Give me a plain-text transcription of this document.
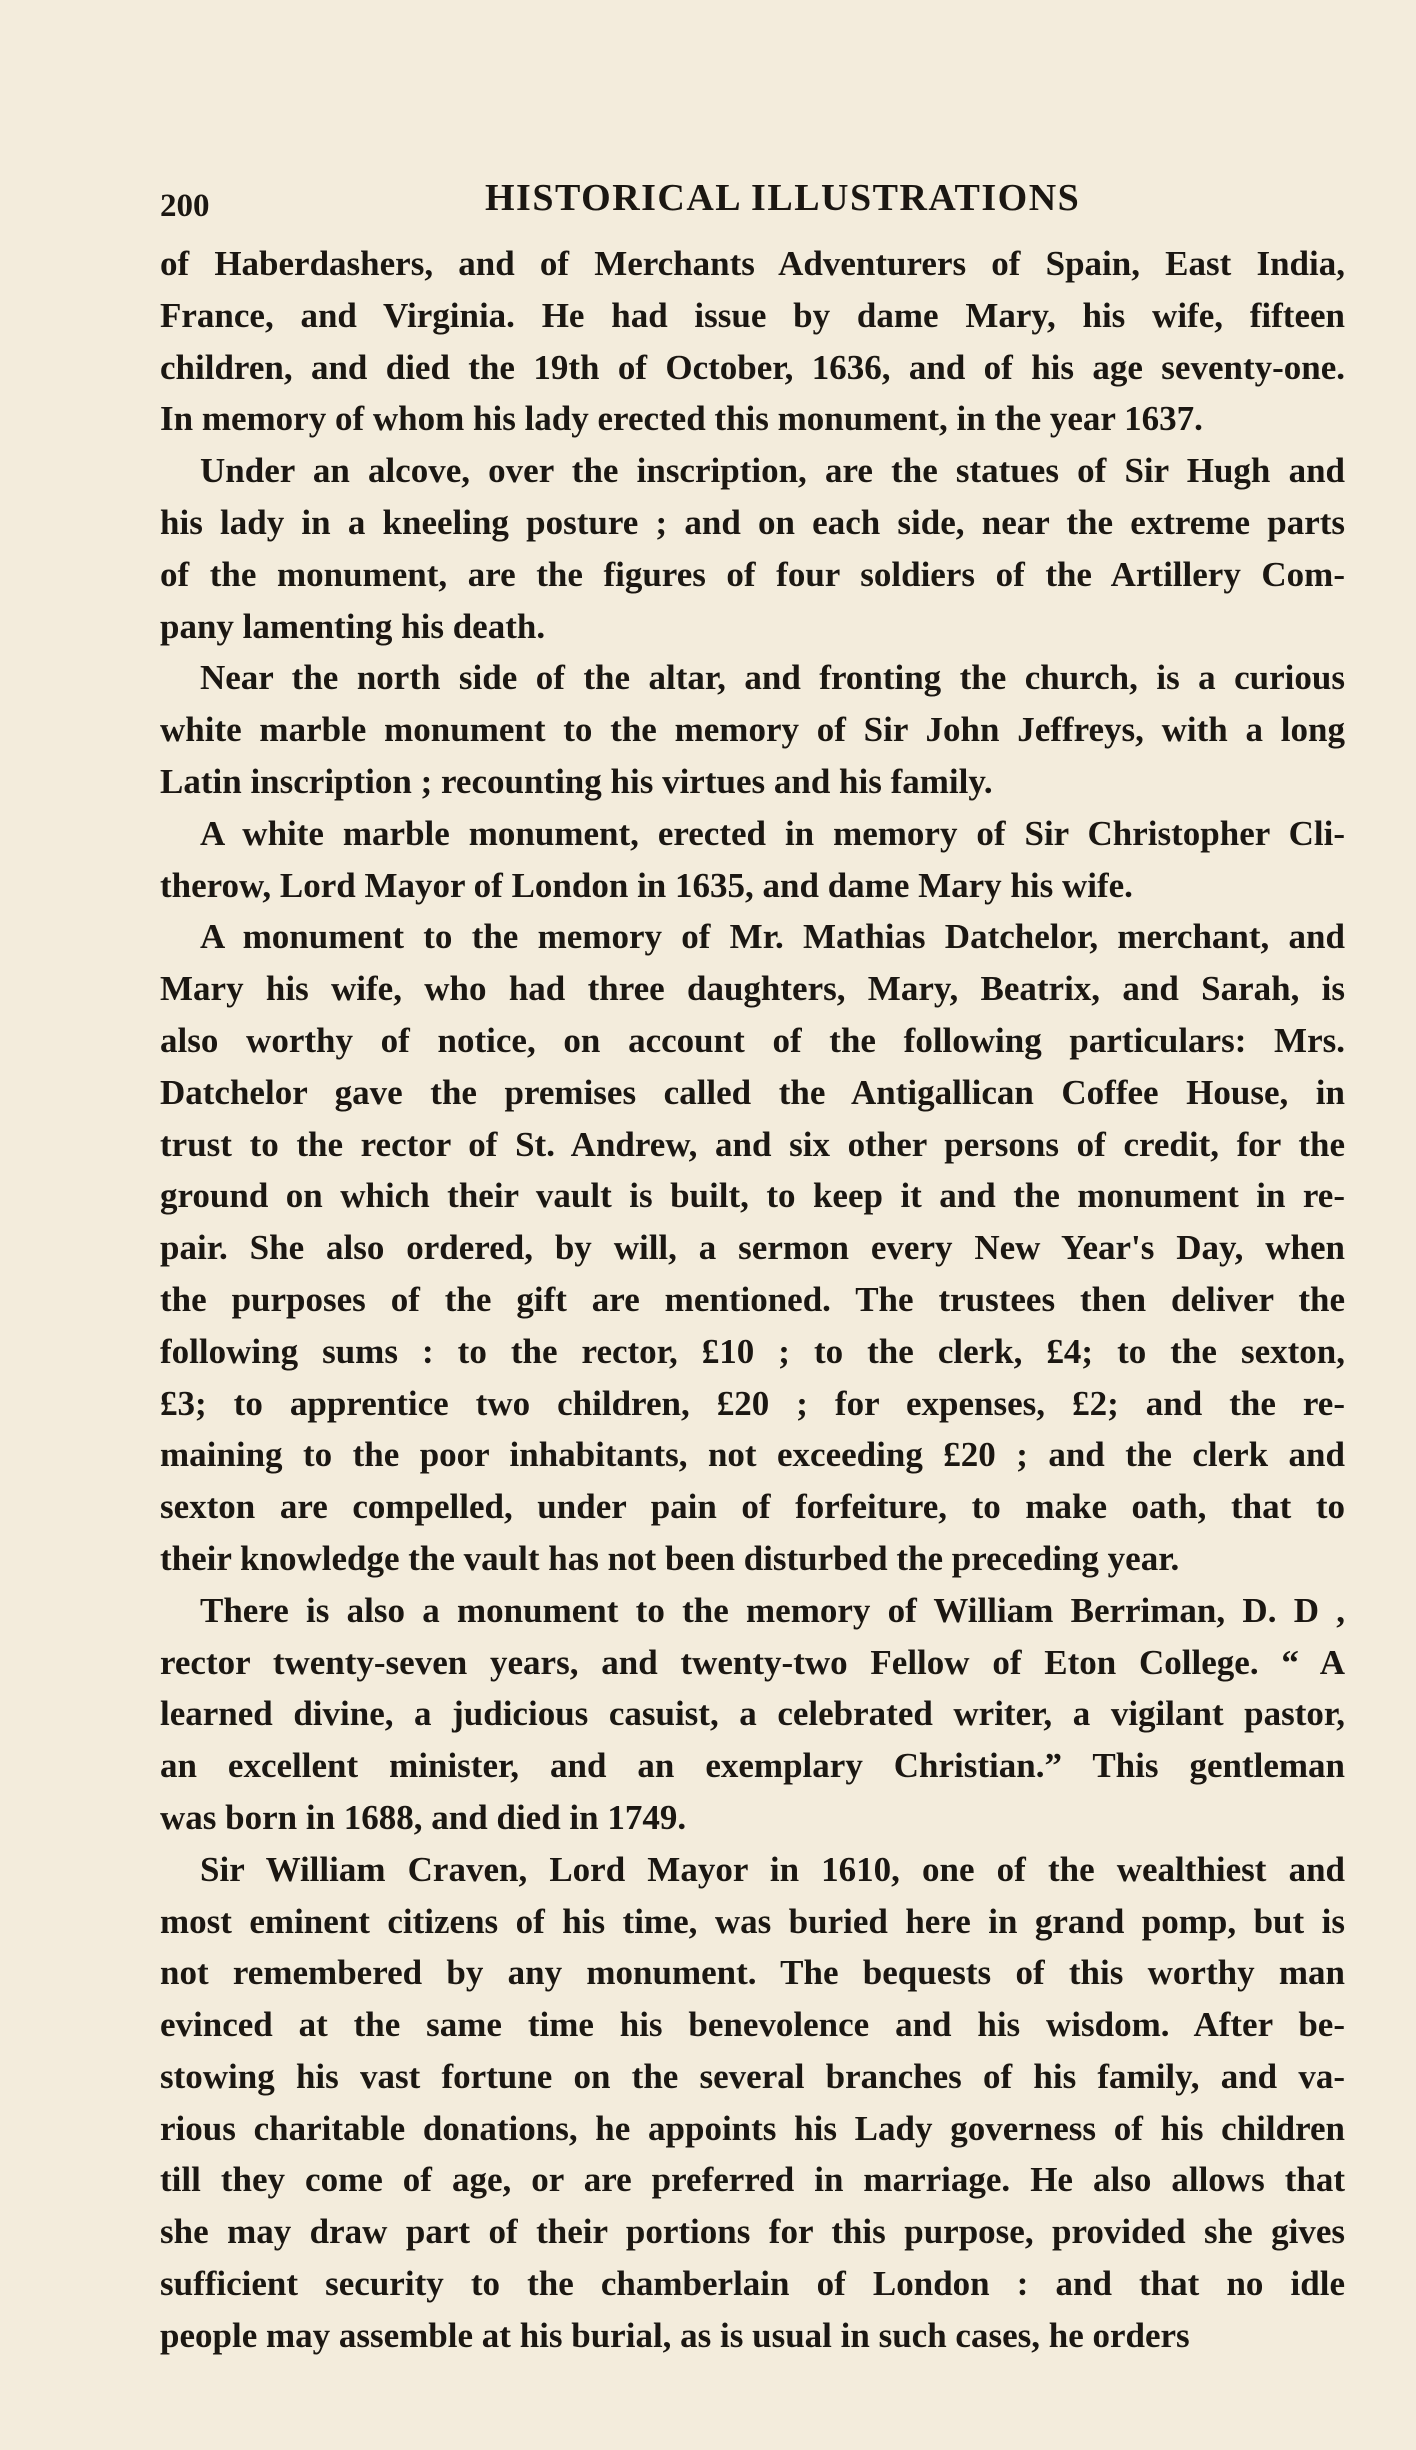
200	HISTORICAL ILLUSTRATIONS
of Haberdashers, and of Merchants Adventurers of Spain, East India,
France, and Virginia. He had issue by dame Mary, his wife, fifteen
children, and died the 19th of October, 1636, and of his age seventy-one.
In memory of whom his lady erected this monument, in the year 1637.
Under an alcove, over the inscription, are the statues of Sir Hugh and
his lady in a kneeling posture ; and on each side, near the extreme parts
of the monument, are the figures of four soldiers of the Artillery Com-
pany lamenting his death.
Near the north side of the altar, and fronting the church, is a curious
white marble monument to the memory of Sir John Jeffreys, with a long
Latin inscription ; recounting his virtues and his family.
A white marble monument, erected in memory of Sir Christopher Cli-
therow, Lord Mayor of London in 1635, and dame Mary his wife.
A monument to the memory of Mr. Mathias Datchelor, merchant, and
Mary his wife, who had three daughters, Mary, Beatrix, and Sarah, is
also worthy of notice, on account of the following particulars: Mrs.
Datchelor gave the premises called the Antigallican Coffee House, in
trust to the rector of St. Andrew, and six other persons of credit, for the
ground on which their vault is built, to keep it and the monument in re-
pair. She also ordered, by will, a sermon every New Year's Day, when
the purposes of the gift are mentioned. The trustees then deliver the
following sums : to the rector, £10 ; to the clerk, £4; to the sexton,
£3; to apprentice two children, £20 ; for expenses, £2; and the re-
maining to the poor inhabitants, not exceeding £20 ; and the clerk and
sexton are compelled, under pain of forfeiture, to make oath, that to
their knowledge the vault has not been disturbed the preceding year.
There is also a monument to the memory of William Berriman, D. D ,
rector twenty-seven years, and twenty-two Fellow of Eton College. “ A
learned divine, a judicious casuist, a celebrated writer, a vigilant pastor,
an excellent minister, and an exemplary Christian.” This gentleman
was born in 1688, and died in 1749.
Sir William Craven, Lord Mayor in 1610, one of the wealthiest and
most eminent citizens of his time, was buried here in grand pomp, but is
not remembered by any monument. The bequests of this worthy man
evinced at the same time his benevolence and his wisdom. After be-
stowing his vast fortune on the several branches of his family, and va-
rious charitable donations, he appoints his Lady governess of his children
till they come of age, or are preferred in marriage. He also allows that
she may draw part of their portions for this purpose, provided she gives
sufficient security to the chamberlain of London : and that no idle
people may assemble at his burial, as is usual in such cases, he orders
